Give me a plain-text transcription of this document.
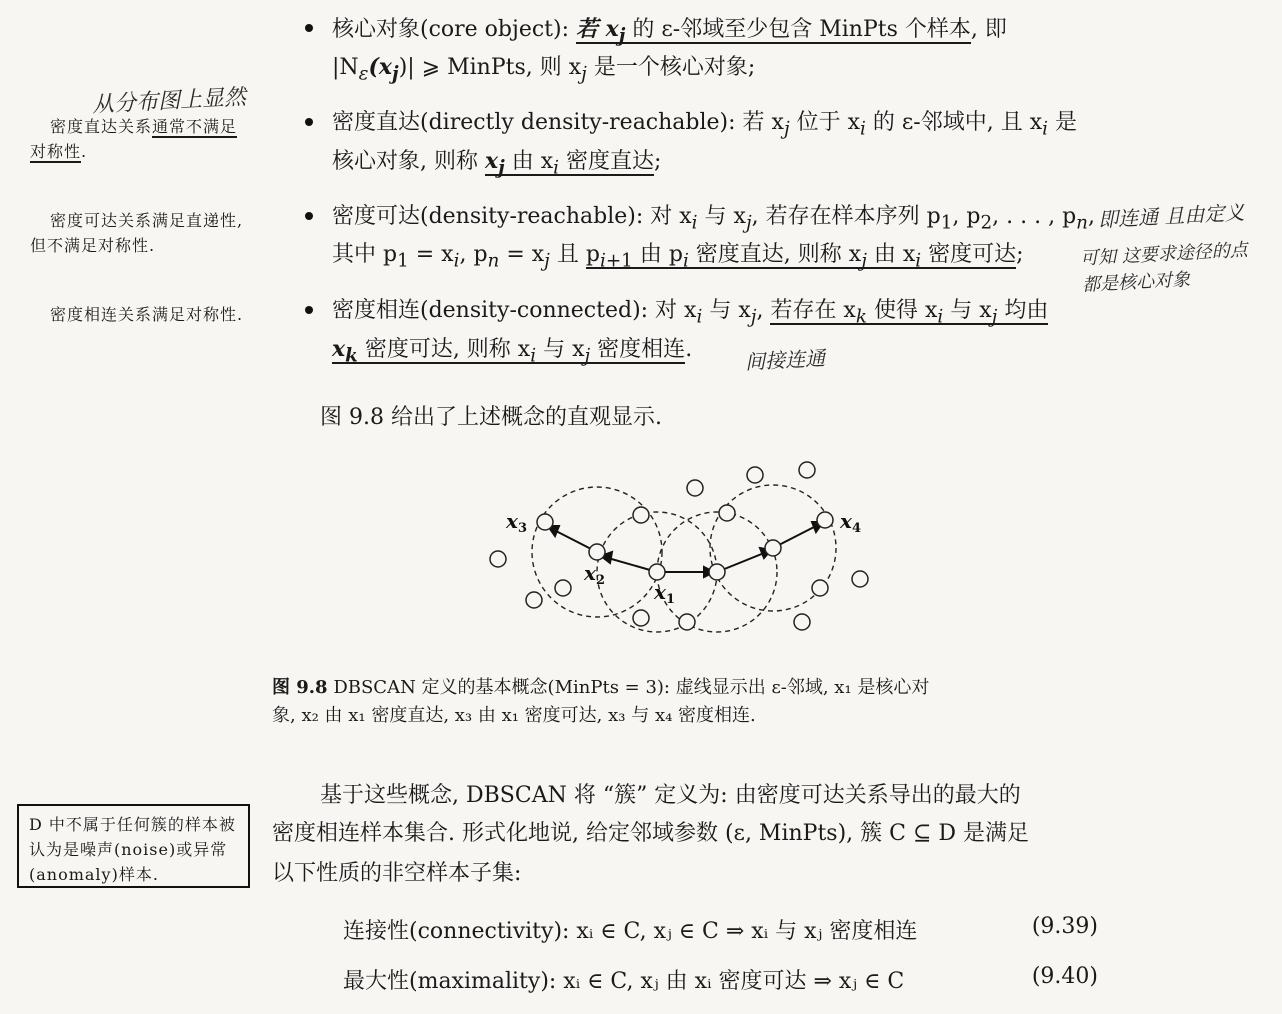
从分布图上显然
密度直达关系通常不满足对称性.
密度可达关系满足直递性, 但不满足对称性.
密度相连关系满足对称性.
核心对象(core object): 若 $x_j$ 的 ε-邻域至少包含 MinPts 个样本, 即
$|N_\varepsilon(x_j)|$ ⩾ MinPts, 则 $x_j$ 是一个核心对象;
密度直达(directly density-reachable): 若 $x_j$ 位于 $x_i$ 的 ε-邻域中, 且 $x_i$ 是
核心对象, 则称 $x_j$ 由 $x_i$ 密度直达;
密度可达(density-reachable): 对 $x_i$ 与 $x_j$, 若存在样本序列 $p_1$, $p_2$, . . . , $p_n$,
其中 $p_1 = x_i$, $p_n = x_j$ 且 $p_{i+1}$ 由 $p_i$ 密度直达, 则称 $x_j$ 由 $x_i$ 密度可达;
即连通 且由定义
可知 这要求途径的点
都是核心对象
密度相连(density-connected): 对 $x_i$ 与 $x_j$, 若存在 $x_k$ 使得 $x_i$ 与 $x_j$ 均由
$x_k$ 密度可达, 则称 $x_i$ 与 $x_j$ 密度相连.	间接连通
图 9.8 给出了上述概念的直观显示.
$x_3$
$x_2$ $x_1$
$x_4$
图 9.8 DBSCAN 定义的基本概念(MinPts = 3): 虚线显示出 ε-邻域, x₁ 是核心对
象, x₂ 由 x₁ 密度直达, x₃ 由 x₁ 密度可达, x₃ 与 x₄ 密度相连.
D 中不属于任何簇的样本被认为是噪声(noise)或异常(anomaly)样本.
基于这些概念, DBSCAN 将 “簇” 定义为: 由密度可达关系导出的最大的
密度相连样本集合. 形式化地说, 给定邻域参数 (ε, MinPts), 簇 C ⊆ D 是满足
以下性质的非空样本子集:
连接性(connectivity): xᵢ ∈ C, xⱼ ∈ C ⇒ xᵢ 与 xⱼ 密度相连	(9.39)
最大性(maximality): xᵢ ∈ C, xⱼ 由 xᵢ 密度可达 ⇒ xⱼ ∈ C	(9.40)
